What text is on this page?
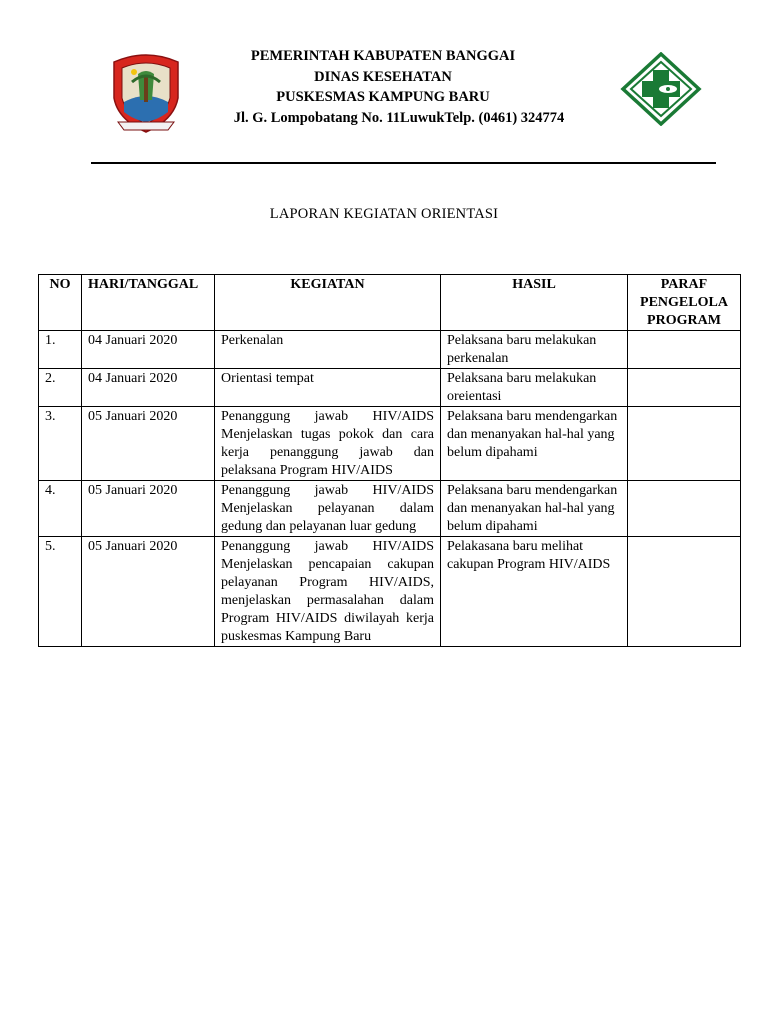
PEMERINTAH KABUPATEN BANGGAI
DINAS KESEHATAN
PUSKESMAS KAMPUNG BARU
Jl. G. Lompobatang No. 11LuwukTelp. (0461) 324774
LAPORAN KEGIATAN ORIENTASI
NO	HARI/TANGGAL	KEGIATAN	HASIL	PARAF PENGELOLA PROGRAM
1.	04 Januari 2020	Perkenalan	Pelaksana baru melakukan perkenalan	
2.	04 Januari 2020	Orientasi tempat	Pelaksana baru melakukan oreientasi	
3.	05 Januari 2020	Penanggung jawab HIV/AIDS Menjelaskan tugas pokok dan cara kerja penanggung jawab dan pelaksana Program HIV/AIDS	Pelaksana baru mendengarkan dan menanyakan hal-hal yang belum dipahami	
4.	05 Januari 2020	Penanggung jawab HIV/AIDS Menjelaskan pelayanan dalam gedung dan pelayanan luar gedung	Pelaksana baru mendengarkan dan menanyakan hal-hal yang belum dipahami	
5.	05 Januari 2020	Penanggung jawab HIV/AIDS Menjelaskan pencapaian cakupan pelayanan Program HIV/AIDS, menjelaskan permasalahan dalam Program HIV/AIDS diwilayah kerja puskesmas Kampung Baru	Pelakasana baru melihat cakupan Program HIV/AIDS	
